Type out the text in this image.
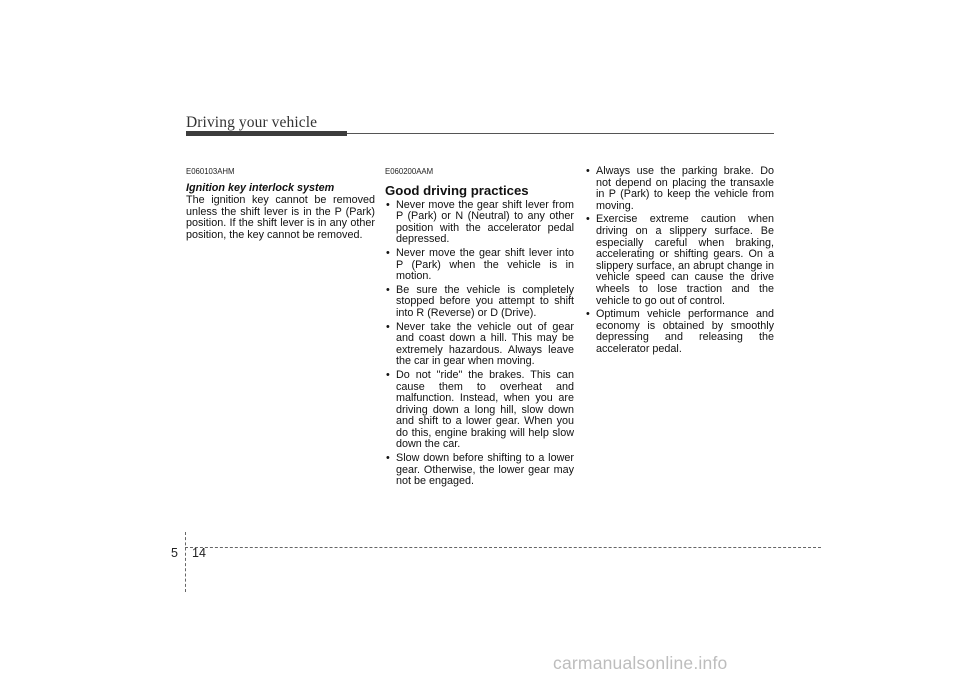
Driving your vehicle
E060103AHM
Ignition key interlock system

The ignition key cannot be removed unless the shift lever is in the P (Park) position. If the shift lever is in any other position, the key cannot be removed.

E060200AAM
Good driving practices
• Never move the gear shift lever from P (Park) or N (Neutral) to any other position with the accelerator pedal depressed.
• Never move the gear shift lever into P (Park) when the vehicle is in motion.
• Be sure the vehicle is completely stopped before you attempt to shift into R (Reverse) or D (Drive).
• Never take the vehicle out of gear and coast down a hill. This may be extremely hazardous. Always leave the car in gear when moving.
• Do not "ride" the brakes. This can cause them to overheat and malfunction. Instead, when you are driving down a long hill, slow down and shift to a lower gear. When you do this, engine braking will help slow down the car.
• Slow down before shifting to a lower gear. Otherwise, the lower gear may not be engaged.
• Always use the parking brake. Do not depend on placing the transaxle in P (Park) to keep the vehicle from moving.
• Exercise extreme caution when driving on a slippery surface. Be especially careful when braking, accelerating or shifting gears. On a slippery surface, an abrupt change in vehicle speed can cause the drive wheels to lose traction and the vehicle to go out of control.
• Optimum vehicle performance and economy is obtained by smoothly depressing and releasing the accelerator pedal.
5 14
carmanualsonline.info
